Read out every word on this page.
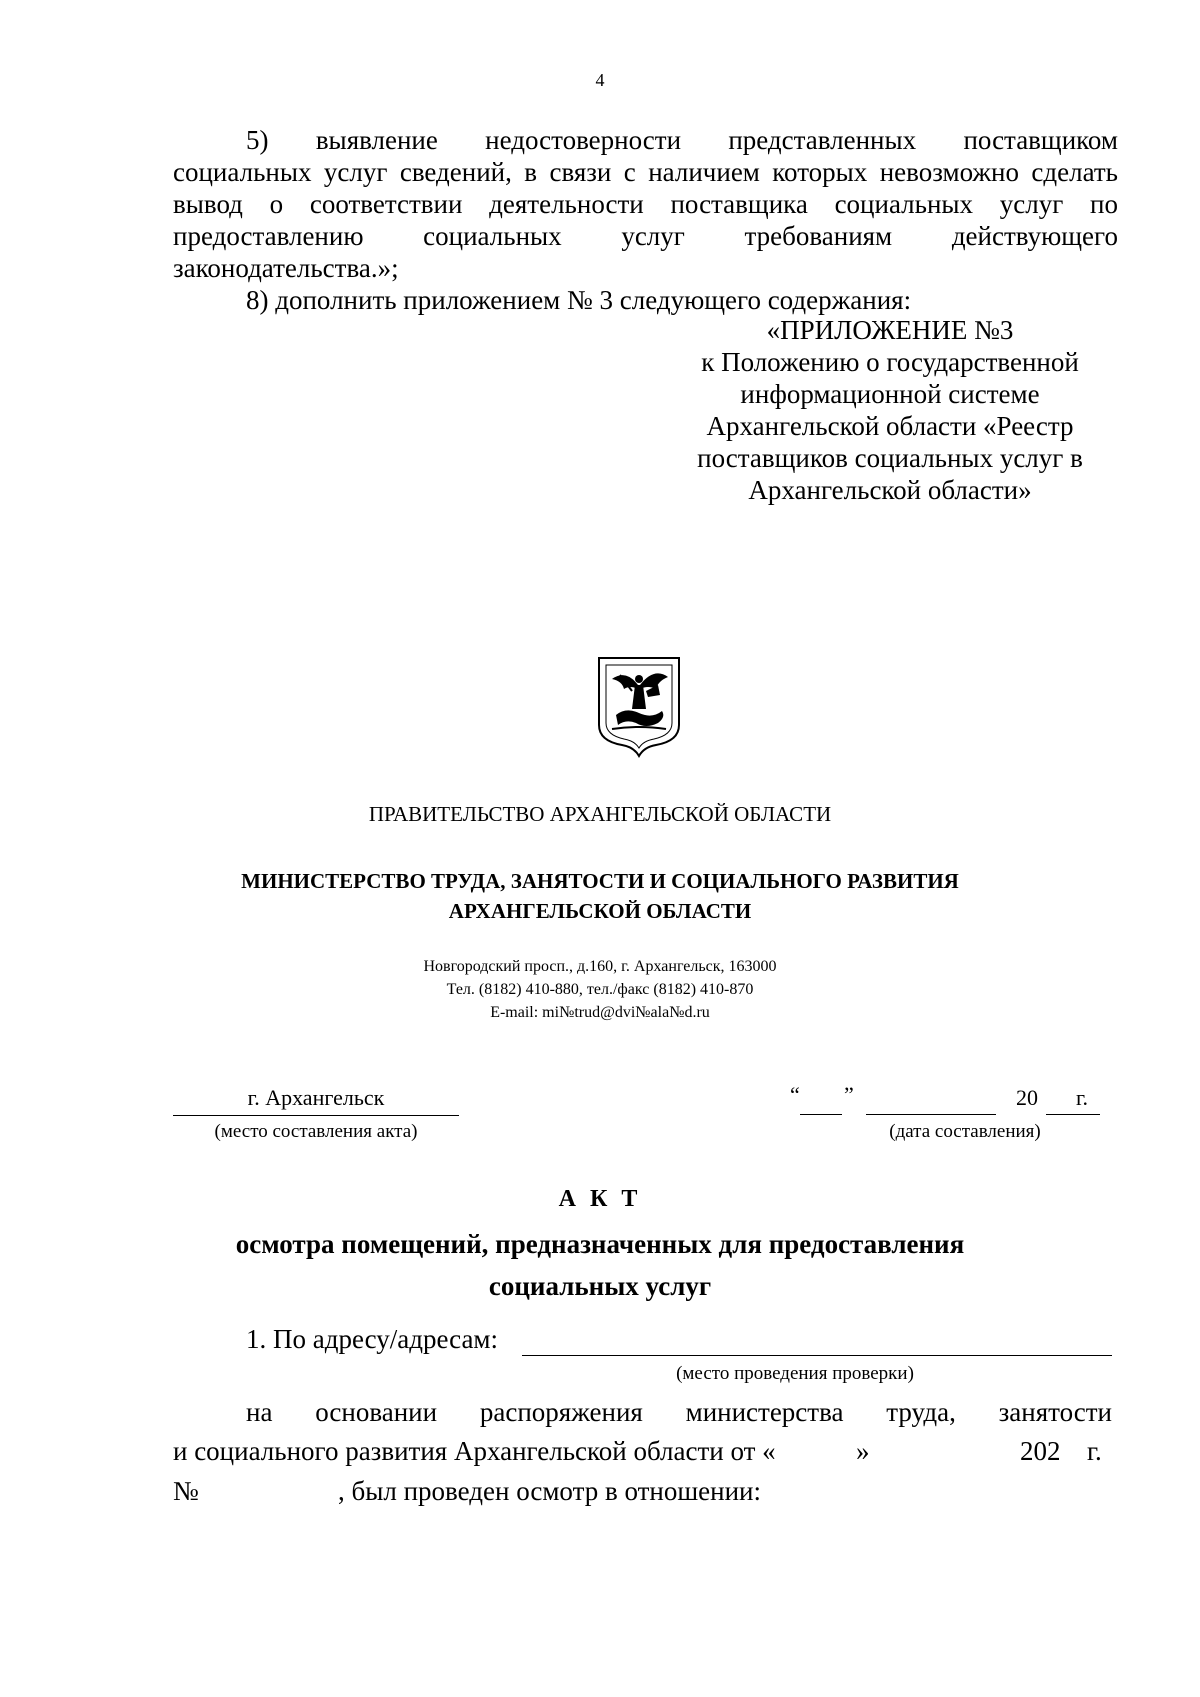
4
5) выявление недостоверности представленных поставщиком
социальных услуг сведений, в связи с наличием которых невозможно сделать
вывод о соответствии деятельности поставщика социальных услуг по
предоставлению социальных услуг требованиям действующего
законодательства.»;
8) дополнить приложением № 3 следующего содержания:
«ПРИЛОЖЕНИЕ №3
к Положению о государственной
информационной системе
Архангельской области «Реестр
поставщиков социальных услуг в
Архангельской области»
ПРАВИТЕЛЬСТВО АРХАНГЕЛЬСКОЙ ОБЛАСТИ
МИНИСТЕРСТВО ТРУДА, ЗАНЯТОСТИ И СОЦИАЛЬНОГО РАЗВИТИЯ
АРХАНГЕЛЬСКОЙ ОБЛАСТИ
Новгородский просп., д.160, г. Архангельск, 163000
Тел. (8182) 410-880, тел./факс (8182) 410-870
E-mail: mi№trud@dvi№ala№d.ru
г. Архангельск
(место составления акта)
“ ”	20 г.
(дата составления)
А К Т
осмотра помещений, предназначенных для предоставления
социальных услуг
1. По адресу/адресам:
(место проведения проверки)
на основании распоряжения министерства труда, занятости
и социального развития Архангельской области от «	»	202 г.
№	, был проведен осмотр в отношении:
